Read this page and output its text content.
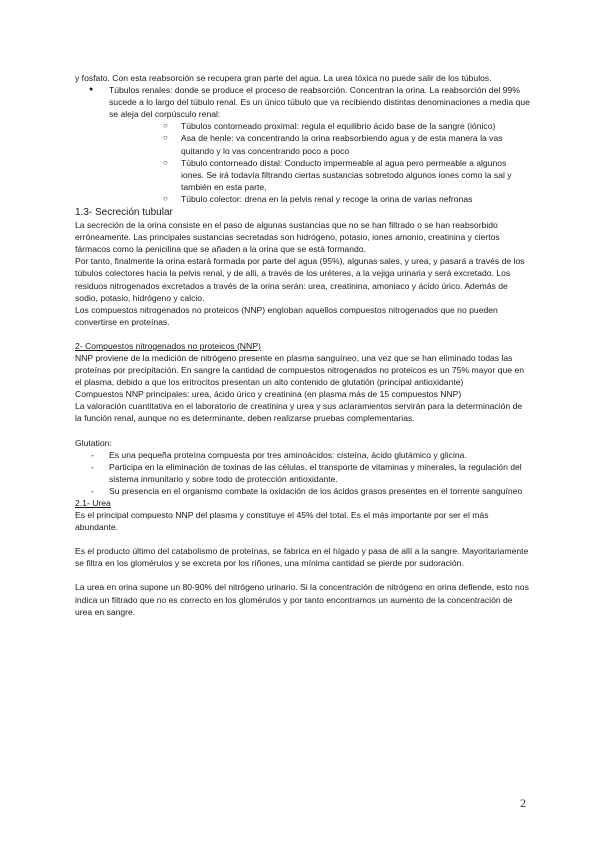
y fosfato. Con esta reabsorción se recupera gran parte del agua. La urea tóxica no puede salir de los túbulos.

● Túbulos renales: donde se produce el proceso de reabsorción. Concentran la orina. La reabsorción del 99% sucede a lo largo del túbulo renal. Es un único túbulo que va recibiendo distintas denominaciones a media que se aleja del corpúsculo renal:
○ Túbulos contorneado proximal: regula el equilibrio ácido base de la sangre (iónico)
○ Asa de henle: va concentrando la orina reabsorbiendo agua y de esta manera la vas quitando y lo vas concentrando poco a poco
○ Túbulo contorneado distal: Conducto impermeable al agua pero permeable a algunos iones. Se irá todavía filtrando ciertas sustancias sobretodo algunos iones como la sal y también en esta parte,
○ Túbulo colector: drena en la pelvis renal y recoge la orina de varias nefronas

1.3- Secreción tubular

La secreción de la orina consiste en el paso de algunas sustancias que no se han filtrado o se han reabsorbido erróneamente. Las principales sustancias secretadas son hidrógeno, potasio, iones amonio, creatinina y ciertos fármacos como la penicilina que se añaden a la orina que se está formando.

Por tanto, finalmente la orina estará formada por parte del agua (95%), algunas sales, y urea, y pasará a través de los túbulos colectores hacia la pelvis renal, y de allí, a través de los uréteres, a la vejiga urinaria y será excretado. Los residuos nitrogenados excretados a través de la orina serán: urea, creatinina, amoniaco y ácido úrico. Además de sodio, potasio, hidrógeno y calcio.

Los compuestos nitrogenados no proteicos (NNP) engloban aquellos compuestos nitrogenados que no pueden convertirse en proteínas.

2- Compuestos nitrogenados no proteicos (NNP)

NNP proviene de la medición de nitrógeno presente en plasma sanguíneo, una vez que se han eliminado todas las proteínas por precipitación. En sangre la cantidad de compuestos nitrogenados no proteicos es un 75% mayor que en el plasma, debido a que los eritrocitos presentan un alto contenido de glutatión (principal antioxidante)

Compuestos NNP principales: urea, ácido úrico y creatinina (en plasma más de 15 compuestos NNP)

La valoración cuantitativa en el laboratorio de creatinina y urea y sus aclaramientos servirán para la determinación de la función renal, aunque no es determinante, deben realizarse pruebas complementarias.

Glutation:

- Es una pequeña proteína compuesta por tres aminoácidos: cisteína, ácido glutámico y glicina.
- Participa en la eliminación de toxinas de las células, el transporte de vitaminas y minerales, la regulación del sistema inmunitario y sobre todo de protección antioxidante.
- Su presencia en el organismo combate la oxidación de los ácidos grasos presentes en el torrente sanguíneo

2.1- Urea

Es el principal compuesto NNP del plasma y constituye el 45% del total. Es el más importante por ser el más abundante.

Es el producto último del catabolismo de proteínas, se fabrica en el hígado y pasa de allí a la sangre. Mayoritariamente se filtra en los glomérulos y se excreta por los riñones, una mínima cantidad se pierde por sudoración.

La urea en orina supone un 80-90% del nitrógeno urinario. Si la concentración de nitrógeno en orina defiende, esto nos indica un filtrado que no es correcto en los glomérulos y por tanto encontramos un aumento de la concentración de urea en sangre.

2
